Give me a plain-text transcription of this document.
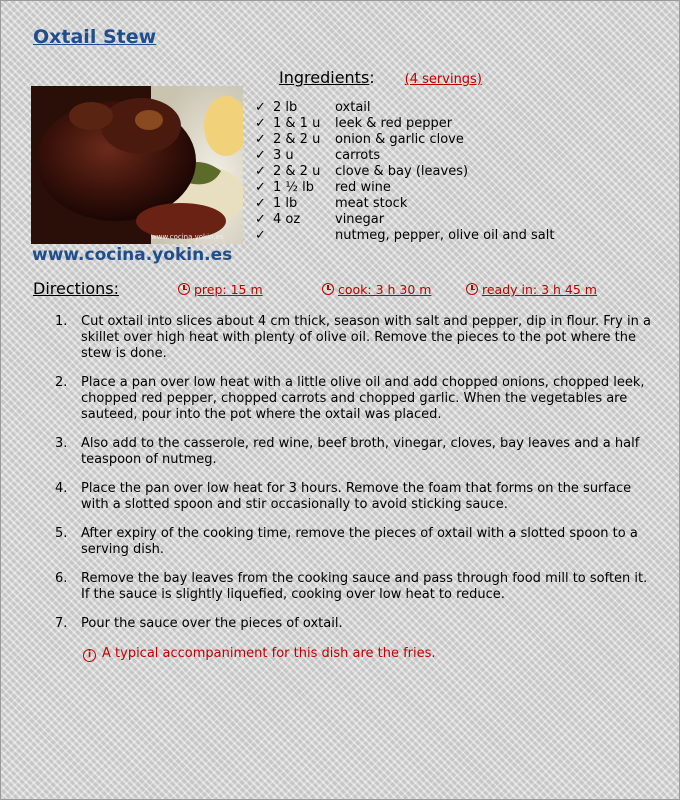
Oxtail Stew
www.cocina.yokin.es
www.cocina.yokin.es
Ingredients: (4 servings)
✓ 2 lb	oxtail
✓ 1 & 1 u	leek & red pepper
✓ 2 & 2 u	onion & garlic clove
✓ 3 u	carrots
✓ 2 & 2 u	clove & bay (leaves)
✓ 1 ½ lb	red wine
✓ 1 lb	meat stock
✓ 4 oz	vinegar
✓	nutmeg, pepper, olive oil and salt
Directions:	prep: 15 m	cook: 3 h 30 m	ready in: 3 h 45 m
1.	Cut oxtail into slices about 4 cm thick, season with salt and pepper, dip in flour. Fry in a skillet over high heat with plenty of olive oil. Remove the pieces to the pot where the stew is done.
2.	Place a pan over low heat with a little olive oil and add chopped onions, chopped leek, chopped red pepper, chopped carrots and chopped garlic. When the vegetables are sauteed, pour into the pot where the oxtail was placed.
3.	Also add to the casserole, red wine, beef broth, vinegar, cloves, bay leaves and a half teaspoon of nutmeg.
4.	Place the pan over low heat for 3 hours. Remove the foam that forms on the surface with a slotted spoon and stir occasionally to avoid sticking sauce.
5.	After expiry of the cooking time, remove the pieces of oxtail with a slotted spoon to a serving dish.
6.	Remove the bay leaves from the cooking sauce and pass through food mill to soften it. If the sauce is slightly liquefied, cooking over low heat to reduce.
7.	Pour the sauce over the pieces of oxtail.
i A typical accompaniment for this dish are the fries.
